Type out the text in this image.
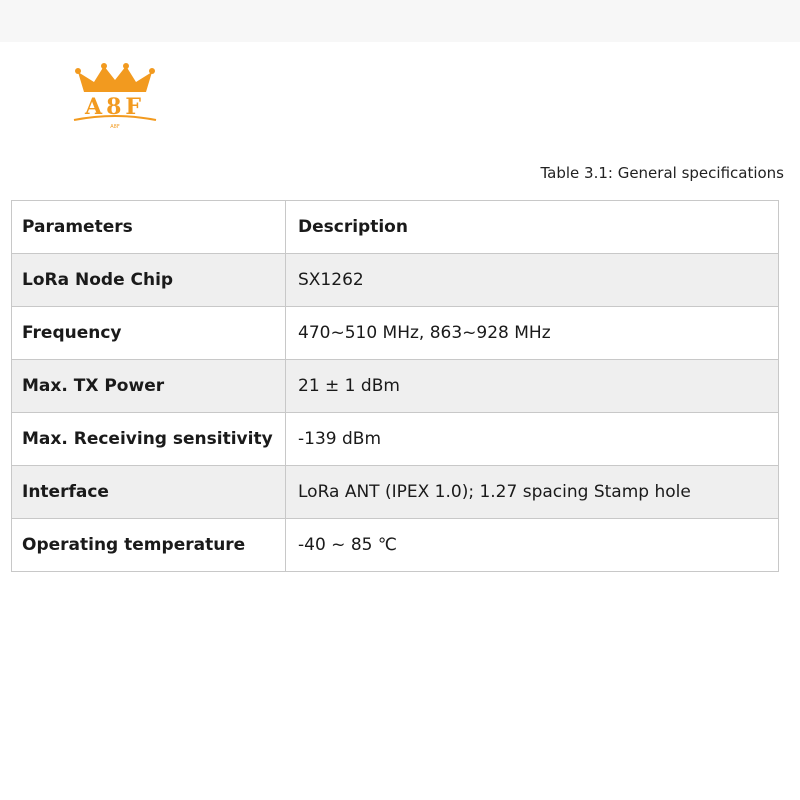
A8F
A8F
Table 3.1: General specifications
Parameters	Description
LoRa Node Chip	SX1262
Frequency	470~510 MHz, 863~928 MHz
Max. TX Power	21 ± 1 dBm
Max. Receiving sensitivity	-139 dBm
Interface	LoRa ANT (IPEX 1.0); 1.27 spacing Stamp hole
Operating temperature	-40 ~ 85 ℃
